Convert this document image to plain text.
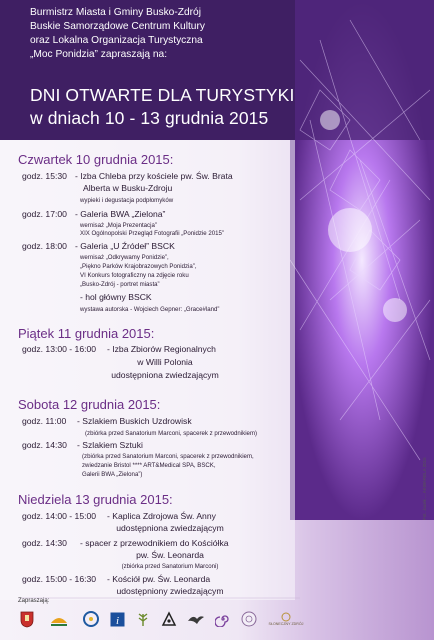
Burmistrz Miasta i Gminy Busko-Zdrój
Buskie Samorządowe Centrum Kultury
oraz Lokalna Organizacja Turystyczna
„Moc Ponidzia” zapraszają na:
DNI OTWARTE DLA TURYSTYKI
w dniach 10 - 13 grudnia 2015
Czwartek 10 grudnia 2015:
godz. 15:30 - Izba Chleba przy kościele pw. Św. Brata
Alberta w Busku-Zdroju
wypieki i degustacja podpłomyków
godz. 17:00 - Galeria BWA „Zielona”
wernisaż „Moja Prezentacja”
XIX Ogólnopolski Przegląd Fotografii „Ponidzie 2015”
godz. 18:00 - Galeria „U Źródeł” BSCK
wernisaż „Odkrywamy Ponidzie”,
„Piękno Parków Krajobrazowych Ponidzia”,
VI Konkurs fotograficzny na zdjęcie roku
„Busko-Zdrój - portret miasta”
- hol główny BSCK
wystawa autorska - Wojciech Gepner: „Grace#land”
Piątek 11 grudnia 2015:
godz. 13:00 - 16:00 - Izba Zbiorów Regionalnych
w Willi Polonia
udostępniona zwiedzającym
Sobota 12 grudnia 2015:
godz. 11:00 - Szlakiem Buskich Uzdrowisk
(zbiórka przed Sanatorium Marconi, spacerek z przewodnikiem)
godz. 14:30 - Szlakiem Sztuki
(zbiórka przed Sanatorium Marconi, spacerek z przewodnikiem,
zwiedzanie Bristol **** ART&Medical SPA, BSCK,
Galerii BWA „Zielona”)
Niedziela 13 grudnia 2015:
godz. 14:00 - 15:00 - Kaplica Zdrojowa Św. Anny
udostępniona zwiedzającym
godz. 14:30 - spacer z przewodnikiem do Kościółka
pw. Św. Leonarda
(zbiórka przed Sanatorium Marconi)
godz. 15:00 - 16:30 - Kościół pw. Św. Leonarda
udostępniony zwiedzającym
Fot. Jacek ... AKWARELA 2015
Zapraszają:
i	SŁONECZNY ZDRÓJ
